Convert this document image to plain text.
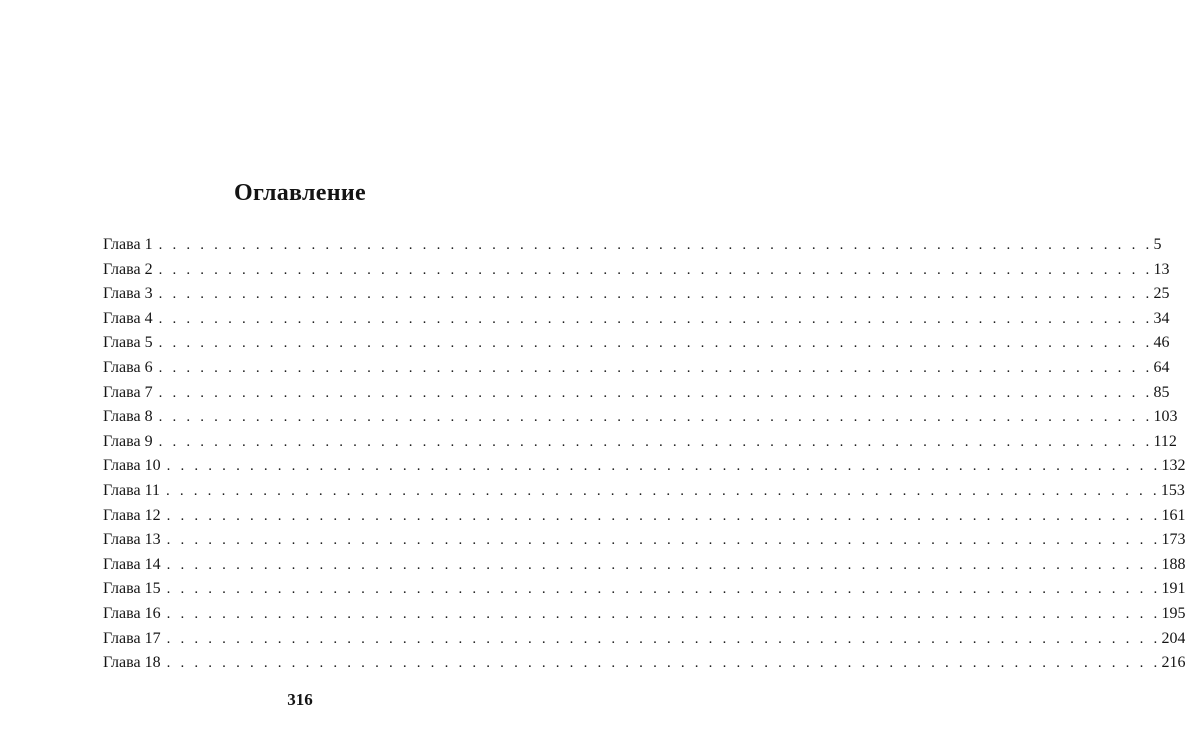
Оглавление
Глава 1 . . . . . . . . . . . . . . . . . . . . . . . . . . . . . . . . . . . . . . . . . . . . . . . . . . . . . . . . . . . . . . . . . . . . . . . . 5
Глава 2 . . . . . . . . . . . . . . . . . . . . . . . . . . . . . . . . . . . . . . . . . . . . . . . . . . . . . . . . . . . . . . . . . . . . . . . . 13
Глава 3 . . . . . . . . . . . . . . . . . . . . . . . . . . . . . . . . . . . . . . . . . . . . . . . . . . . . . . . . . . . . . . . . . . . . . . . . 25
Глава 4 . . . . . . . . . . . . . . . . . . . . . . . . . . . . . . . . . . . . . . . . . . . . . . . . . . . . . . . . . . . . . . . . . . . . . . . . 34
Глава 5 . . . . . . . . . . . . . . . . . . . . . . . . . . . . . . . . . . . . . . . . . . . . . . . . . . . . . . . . . . . . . . . . . . . . . . . . 46
Глава 6 . . . . . . . . . . . . . . . . . . . . . . . . . . . . . . . . . . . . . . . . . . . . . . . . . . . . . . . . . . . . . . . . . . . . . . . . 64
Глава 7 . . . . . . . . . . . . . . . . . . . . . . . . . . . . . . . . . . . . . . . . . . . . . . . . . . . . . . . . . . . . . . . . . . . . . . . . 85
Глава 8 . . . . . . . . . . . . . . . . . . . . . . . . . . . . . . . . . . . . . . . . . . . . . . . . . . . . . . . . . . . . . . . . . . . . . . . . 103
Глава 9 . . . . . . . . . . . . . . . . . . . . . . . . . . . . . . . . . . . . . . . . . . . . . . . . . . . . . . . . . . . . . . . . . . . . . . . . 112
Глава 10 . . . . . . . . . . . . . . . . . . . . . . . . . . . . . . . . . . . . . . . . . . . . . . . . . . . . . . . . . . . . . . . . . . . . . . . . 132
Глава 11 . . . . . . . . . . . . . . . . . . . . . . . . . . . . . . . . . . . . . . . . . . . . . . . . . . . . . . . . . . . . . . . . . . . . . . . . 153
Глава 12 . . . . . . . . . . . . . . . . . . . . . . . . . . . . . . . . . . . . . . . . . . . . . . . . . . . . . . . . . . . . . . . . . . . . . . . . 161
Глава 13 . . . . . . . . . . . . . . . . . . . . . . . . . . . . . . . . . . . . . . . . . . . . . . . . . . . . . . . . . . . . . . . . . . . . . . . . 173
Глава 14 . . . . . . . . . . . . . . . . . . . . . . . . . . . . . . . . . . . . . . . . . . . . . . . . . . . . . . . . . . . . . . . . . . . . . . . . 188
Глава 15 . . . . . . . . . . . . . . . . . . . . . . . . . . . . . . . . . . . . . . . . . . . . . . . . . . . . . . . . . . . . . . . . . . . . . . . . 191
Глава 16 . . . . . . . . . . . . . . . . . . . . . . . . . . . . . . . . . . . . . . . . . . . . . . . . . . . . . . . . . . . . . . . . . . . . . . . . 195
Глава 17 . . . . . . . . . . . . . . . . . . . . . . . . . . . . . . . . . . . . . . . . . . . . . . . . . . . . . . . . . . . . . . . . . . . . . . . . 204
Глава 18 . . . . . . . . . . . . . . . . . . . . . . . . . . . . . . . . . . . . . . . . . . . . . . . . . . . . . . . . . . . . . . . . . . . . . . . . 216
316
